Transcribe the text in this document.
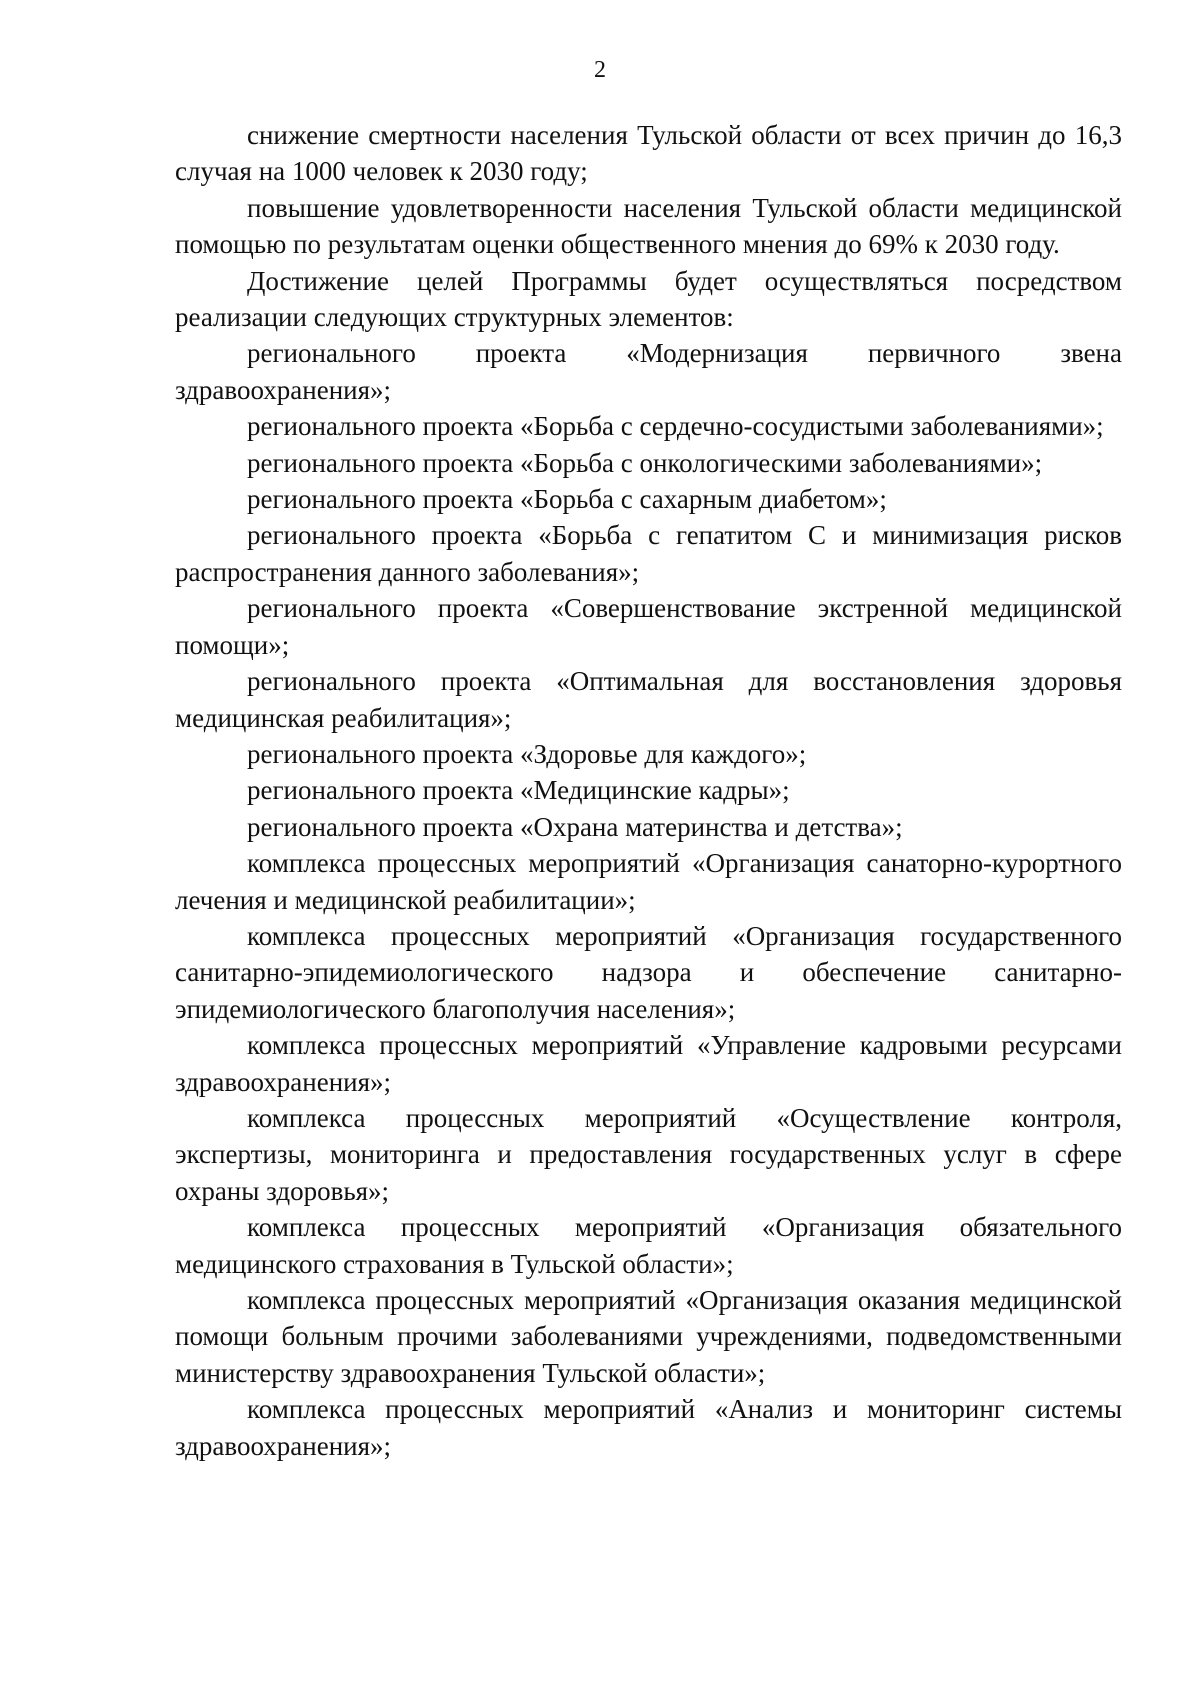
2

снижение смертности населения Тульской области от всех причин до 16,3 случая на 1000 человек к 2030 году;

повышение удовлетворенности населения Тульской области медицинской помощью по результатам оценки общественного мнения до 69% к 2030 году.

Достижение целей Программы будет осуществляться посредством реализации следующих структурных элементов:

регионального проекта «Модернизация первичного звена здравоохранения»;

регионального проекта «Борьба с сердечно-сосудистыми заболеваниями»;

регионального проекта «Борьба с онкологическими заболеваниями»;

регионального проекта «Борьба с сахарным диабетом»;

регионального проекта «Борьба с гепатитом С и минимизация рисков распространения данного заболевания»;

регионального проекта «Совершенствование экстренной медицинской помощи»;

регионального проекта «Оптимальная для восстановления здоровья медицинская реабилитация»;

регионального проекта «Здоровье для каждого»;

регионального проекта «Медицинские кадры»;

регионального проекта «Охрана материнства и детства»;

комплекса процессных мероприятий «Организация санаторно-курортного лечения и медицинской реабилитации»;

комплекса процессных мероприятий «Организация государственного санитарно-эпидемиологического надзора и обеспечение санитарно-эпидемиологического благополучия населения»;

комплекса процессных мероприятий «Управление кадровыми ресурсами здравоохранения»;

комплекса процессных мероприятий «Осуществление контроля, экспертизы, мониторинга и предоставления государственных услуг в сфере охраны здоровья»;

комплекса процессных мероприятий «Организация обязательного медицинского страхования в Тульской области»;

комплекса процессных мероприятий «Организация оказания медицинской помощи больным прочими заболеваниями учреждениями, подведомственными министерству здравоохранения Тульской области»;

комплекса процессных мероприятий «Анализ и мониторинг системы здравоохранения»;
